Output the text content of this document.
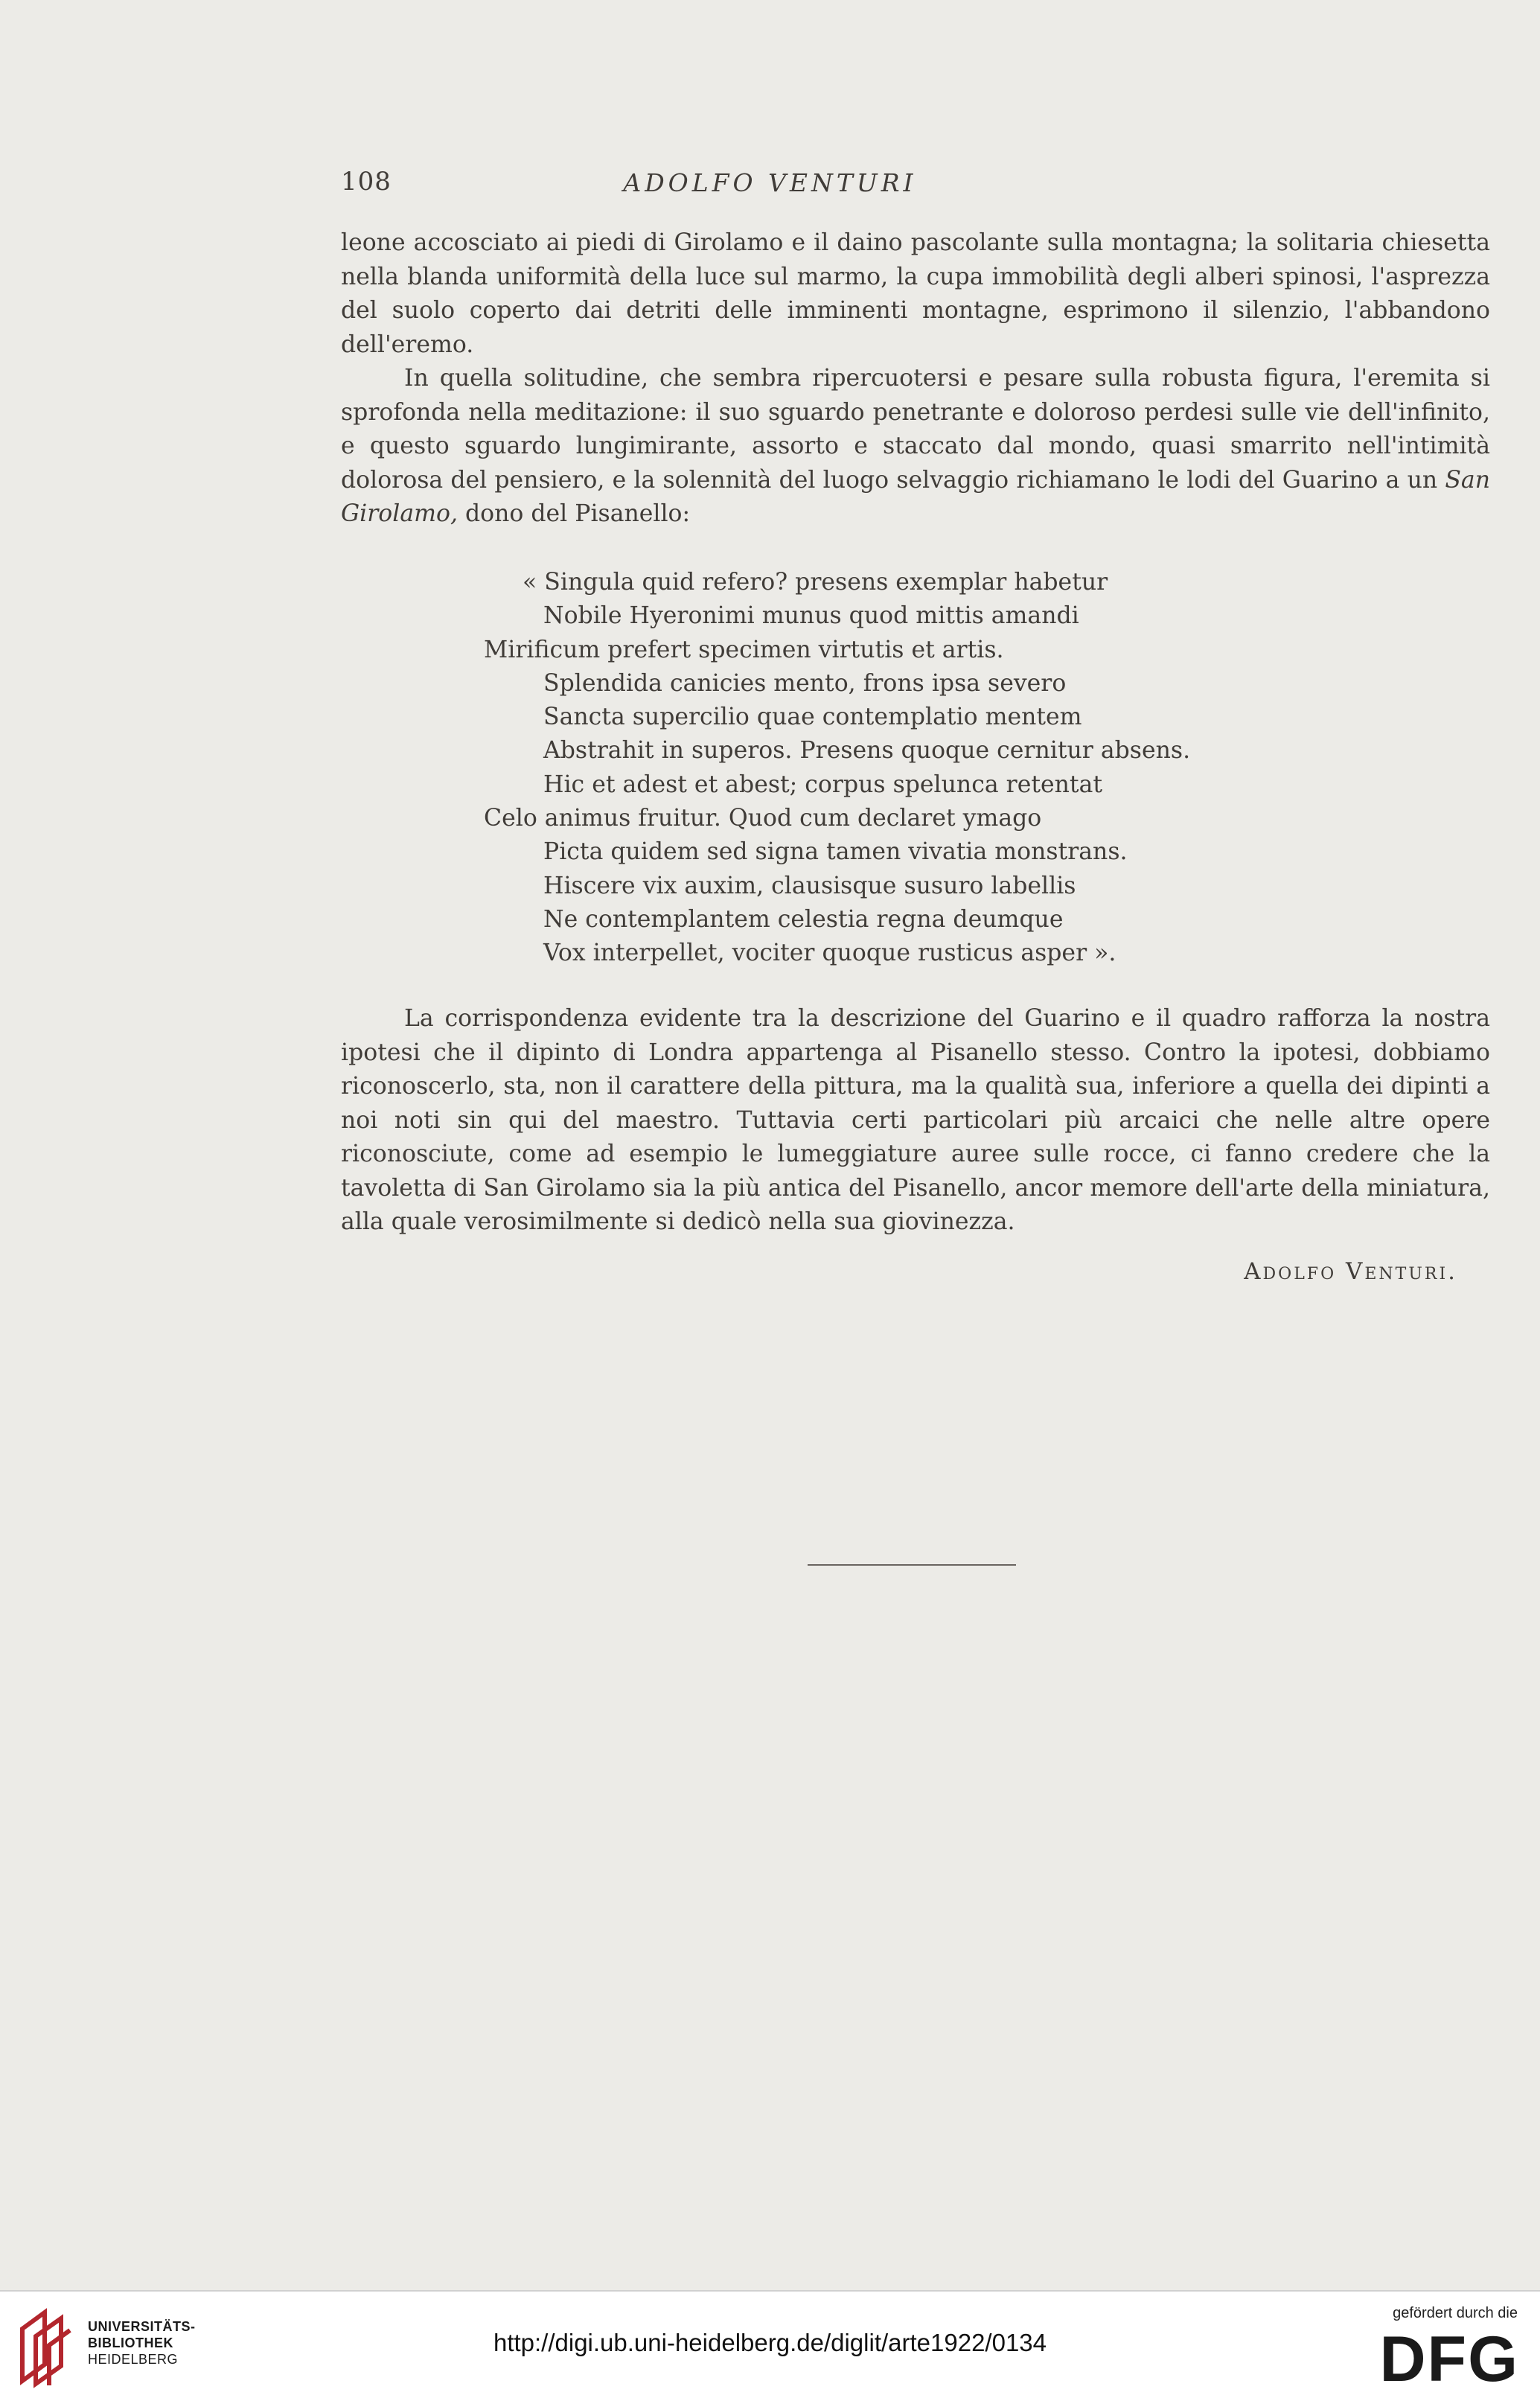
108	ADOLFO VENTURI

leone accosciato ai piedi di Girolamo e il daino pascolante sulla montagna; la solitaria chiesetta nella blanda uniformità della luce sul marmo, la cupa immobilità degli alberi spinosi, l'asprezza del suolo coperto dai detriti delle imminenti montagne, esprimono il silenzio, l'abbandono dell'eremo.

In quella solitudine, che sembra ripercuotersi e pesare sulla robusta figura, l'eremita si sprofonda nella meditazione: il suo sguardo penetrante e doloroso perdesi sulle vie dell'infinito, e questo sguardo lungimirante, assorto e staccato dal mondo, quasi smarrito nell'intimità dolorosa del pensiero, e la solennità del luogo selvaggio richiamano le lodi del Guarino a un San Girolamo, dono del Pisanello:

« Singula quid refero? presens exemplar habetur
Nobile Hyeronimi munus quod mittis amandi
Mirificum prefert specimen virtutis et artis.
Splendida canicies mento, frons ipsa severo
Sancta supercilio quae contemplatio mentem
Abstrahit in superos. Presens quoque cernitur absens.
Hic et adest et abest; corpus spelunca retentat
Celo animus fruitur. Quod cum declaret ymago
Picta quidem sed signa tamen vivatia monstrans.
Hiscere vix auxim, clausisque susuro labellis
Ne contemplantem celestia regna deumque
Vox interpellet, vociter quoque rusticus asper ».

La corrispondenza evidente tra la descrizione del Guarino e il quadro rafforza la nostra ipotesi che il dipinto di Londra appartenga al Pisanello stesso. Contro la ipotesi, dobbiamo riconoscerlo, sta, non il carattere della pittura, ma la qualità sua, inferiore a quella dei dipinti a noi noti sin qui del maestro. Tuttavia certi particolari più arcaici che nelle altre opere riconosciute, come ad esempio le lumeggiature auree sulle rocce, ci fanno credere che la tavoletta di San Girolamo sia la più antica del Pisanello, ancor memore dell'arte della miniatura, alla quale verosimilmente si dedicò nella sua giovinezza.

Adolfo Venturi.
UNIVERSITÄTS-
BIBLIOTHEK
HEIDELBERG
http://digi.ub.uni-heidelberg.de/diglit/arte1922/0134
gefördert durch die
DFG
